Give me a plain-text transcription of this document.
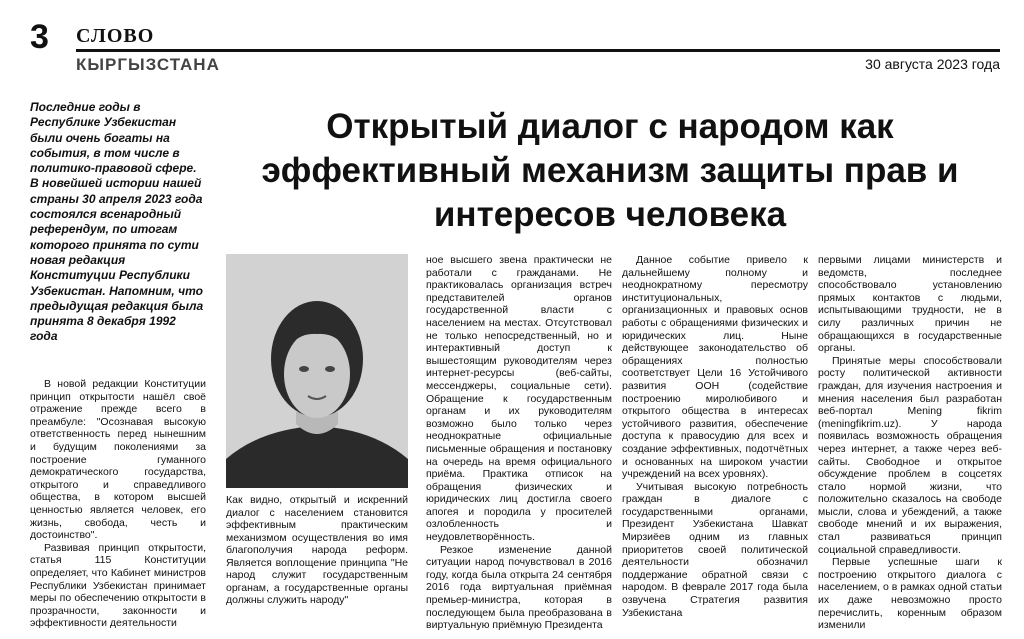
3 СЛОВО
КЫРГЫЗСТАНА	30 августа 2023 года
Последние годы в Республике Узбекистан были очень богаты на события, в том числе в политико-правовой сфере. В новейшей истории нашей страны 30 апреля 2023 года состоялся всенародный референдум, по итогам которого принята по сути новая редакция Конституции Республики Узбекистан. Напомним, что предыдущая редакция была принята 8 декабря 1992 года
Открытый диалог с народом как эффективный механизм защиты прав и интересов человека
Как видно, открытый и искренний диалог с населением становится эффективным практическим механизмом осуществления во имя благополучия народа реформ. Является воплощение принципа "Не народ служит государственным органам, а государственные органы должны служить народу"

В новой редакции Конституции принцип открытости нашёл своё отражение прежде всего в преамбуле: "Осознавая высокую ответственность перед нынешним и будущим поколениями за построение гуманного демократического государства, открытого и справедливого общества, в котором высшей ценностью является человек, его жизнь, свобода, честь и достоинство".

Развивая принцип открытости, статья 115 Конституции определяет, что Кабинет министров Республики Узбекистан принимает меры по обеспечению открытости в прозрачности, законности и эффективности деятельности

ное высшего звена практически не работали с гражданами. Не практиковалась организация встреч представителей органов государственной власти с населением на местах. Отсутствовал не только непосредственный, но и интерактивный доступ к вышестоящим руководителям через интернет-ресурсы (веб-сайты, мессенджеры, социальные сети). Обращение к государственным органам и их руководителям возможно было только через неоднократные официальные письменные обращения и постановку на очередь на время официального приёма. Практика отписок на обращения физических и юридических лиц достигла своего апогея и породила у просителей озлобленность и неудовлетворённость.

Резкое изменение данной ситуации народ почувствовал в 2016 году, когда была открыта 24 сентября 2016 года виртуальная приёмная премьер-министра, которая в последующем была преобразована в виртуальную приёмную Президента

Данное событие привело к дальнейшему полному и неоднократному пересмотру институциональных, организационных и правовых основ работы с обращениями физических и юридических лиц. Ныне действующее законодательство об обращениях полностью соответствует Цели 16 Устойчивого развития ООН (содействие построению миролюбивого и открытого общества в интересах устойчивого развития, обеспечение доступа к правосудию для всех и создание эффективных, подотчётных и основанных на широком участии учреждений на всех уровнях).

Учитывая высокую потребность граждан в диалоге с государственными органами, Президент Узбекистана Шавкат Мирзиёев одним из главных приоритетов своей политической деятельности обозначил поддержание обратной связи с народом. В феврале 2017 года была озвучена Стратегия развития Узбекистана

первыми лицами министерств и ведомств, последнее способствовало установлению прямых контактов с людьми, испытывающими трудности, не в силу различных причин не обращающихся в государственные органы.

Принятые меры способствовали росту политической активности граждан, для изучения настроения и мнения населения был разработан веб-портал Mening fikrim (meningfikrim.uz). У народа появилась возможность обращения через интернет, а также через веб-сайты. Свободное и открытое обсуждение проблем в соцсетях стало нормой жизни, что положительно сказалось на свободе мысли, слова и убеждений, а также свободе мнений и их выражения, стал развиваться принцип социальной справедливости.

Первые успешные шаги к построению открытого диалога с населением, о в рамках одной статьи их даже невозможно просто перечислить, коренным образом изменили
